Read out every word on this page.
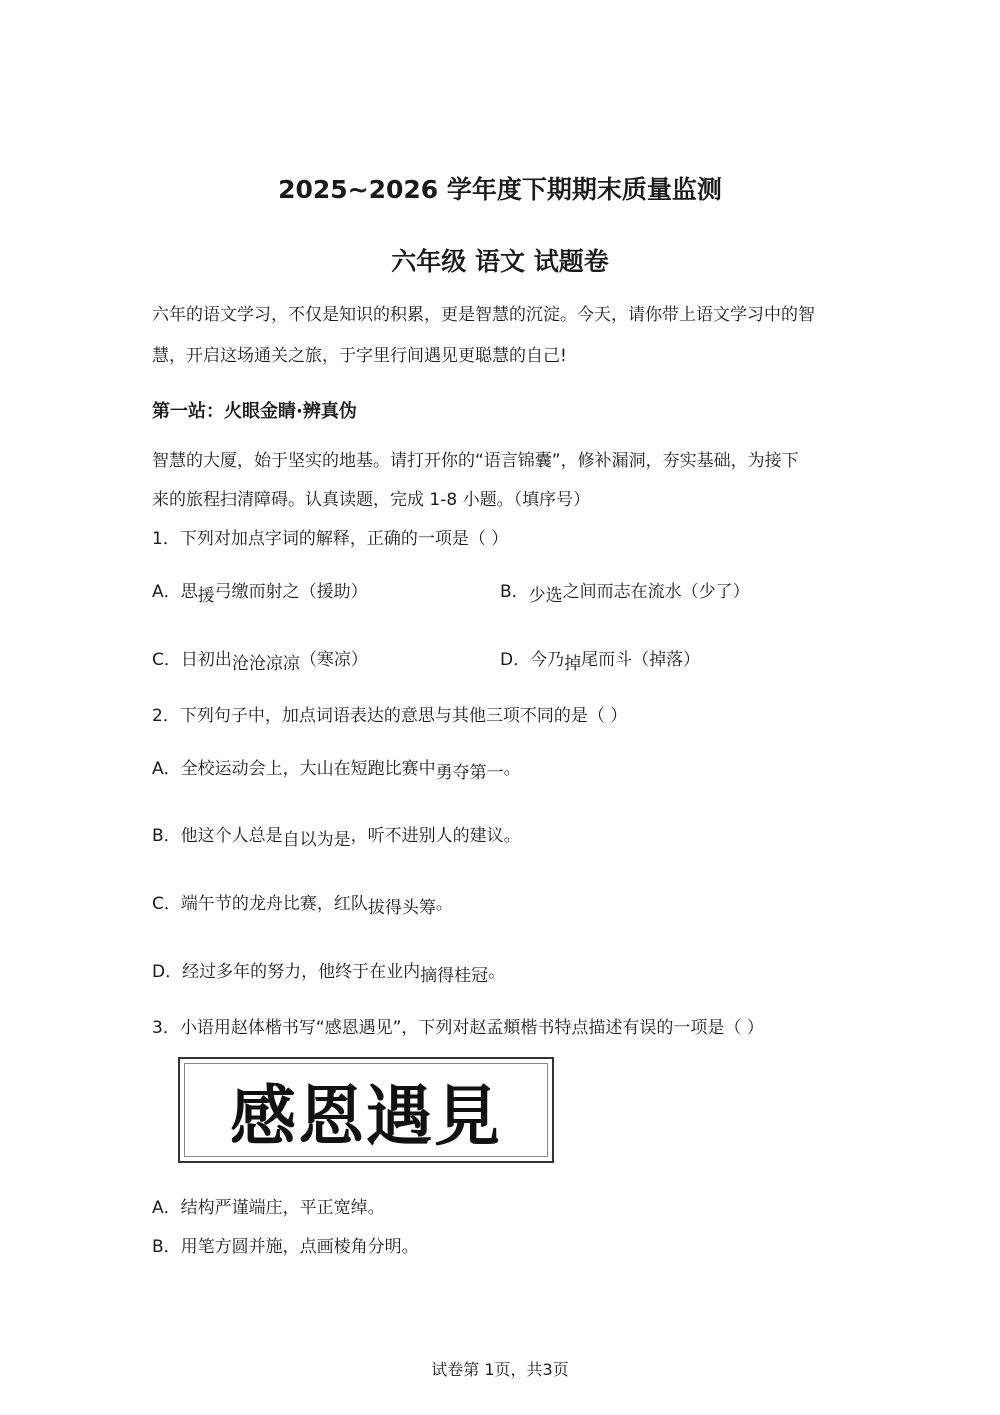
2025~2026 学年度下期期末质量监测
六年级 语文 试题卷
六年的语文学习，不仅是知识的积累，更是智慧的沉淀。今天，请你带上语文学习中的智
慧，开启这场通关之旅，于字里行间遇见更聪慧的自己!
第一站：火眼金睛·辨真伪
智慧的大厦，始于坚实的地基。请打开你的“语言锦囊”，修补漏洞，夯实基础，为接下
来的旅程扫清障碍。认真读题，完成 1-8 小题。（填序号）
1．下列对加点字词的解释，正确的一项是（ ）
A．思援弓缴而射之（援助）	B．少选之间而志在流水（少了）
C．日初出沧沧凉凉（寒凉）	D．今乃掉尾而斗（掉落）
2．下列句子中，加点词语表达的意思与其他三项不同的是（ ）
A．全校运动会上，大山在短跑比赛中勇夺第一。
B．他这个人总是自以为是，听不进别人的建议。
C．端午节的龙舟比赛，红队拔得头筹。
D．经过多年的努力，他终于在业内摘得桂冠。
3．小语用赵体楷书写“感恩遇见”，下列对赵孟頫楷书特点描述有误的一项是（ ）
感恩遇見
A．结构严谨端庄，平正宽绰。
B．用笔方圆并施，点画棱角分明。
试卷第 1页，共3页
